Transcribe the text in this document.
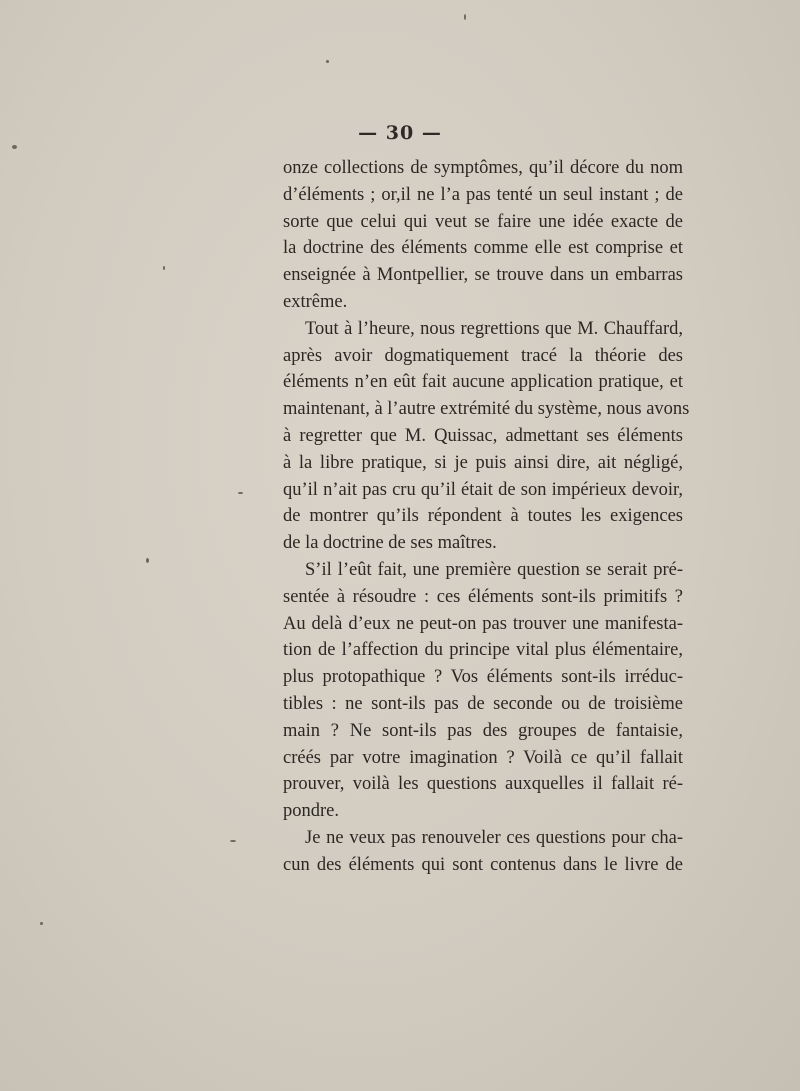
— 30 —
onze collections de symptômes, qu’il décore du nom
d’éléments ; or,il ne l’a pas tenté un seul instant ; de
sorte que celui qui veut se faire une idée exacte de
la doctrine des éléments comme elle est comprise et
enseignée à Montpellier, se trouve dans un embarras
extrême.
Tout à l’heure, nous regrettions que M. Chauffard,
après avoir dogmatiquement tracé la théorie des
éléments n’en eût fait aucune application pratique, et
maintenant, à l’autre extrémité du système, nous avons
à regretter que M. Quissac, admettant ses éléments
à la libre pratique, si je puis ainsi dire, ait négligé,
qu’il n’ait pas cru qu’il était de son impérieux devoir,
de montrer qu’ils répondent à toutes les exigences
de la doctrine de ses maîtres.
S’il l’eût fait, une première question se serait pré-
sentée à résoudre : ces éléments sont-ils primitifs ?
Au delà d’eux ne peut-on pas trouver une manifesta-
tion de l’affection du principe vital plus élémentaire,
plus protopathique ? Vos éléments sont-ils irréduc-
tibles : ne sont-ils pas de seconde ou de troisième
main ? Ne sont-ils pas des groupes de fantaisie,
créés par votre imagination ? Voilà ce qu’il fallait
prouver, voilà les questions auxquelles il fallait ré-
pondre.
Je ne veux pas renouveler ces questions pour cha-
cun des éléments qui sont contenus dans le livre de
